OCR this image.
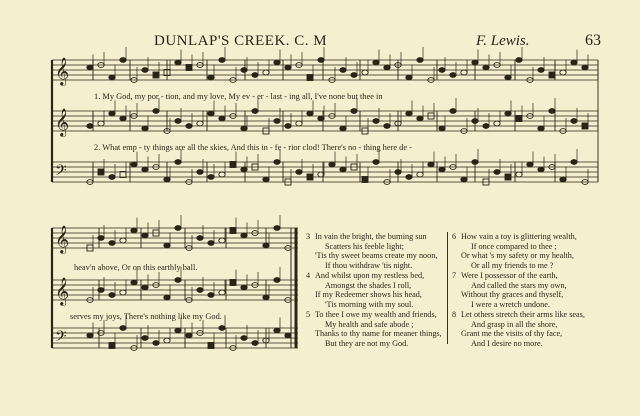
DUNLAP'S CREEK. C. M	F. Lewis.	63
𝄞
𝄞
𝄢
𝄞
𝄞
𝄢
1. My God, my por - tion, and my love, My ev - er - last - ing all, I've none but thee in
2. What emp - ty things are all the skies, And this in - fe - rior clod! There's no - thing here de -
heav'n above, Or on this earthly ball.
serves my joys, There's nothing like my God.
3 In vain the bright, the burning sun
Scatters his feeble light;
'Tis thy sweet beams create my noon,
If thou withdraw 'tis night.
4 And whilst upon my restless bed,
Amongst the shades I roll,
If my Redeemer shows his head,
'Tis morning with my soul.
5 To thee I owe my wealth and friends,
My health and safe abode ;
Thanks to thy name for meaner things,
But they are not my God.
6 How vain a toy is glittering wealth,
If once compared to thee ;
Or what 's my safety or my health,
Or all my friends to me ?
7 Were I possessor of the earth,
And called the stars my own,
Without thy graces and thyself,
I were a wretch undone.
8 Let others stretch their arms like seas,
And grasp in all the shore,
Grant me the visits of thy face,
And I desire no more.
